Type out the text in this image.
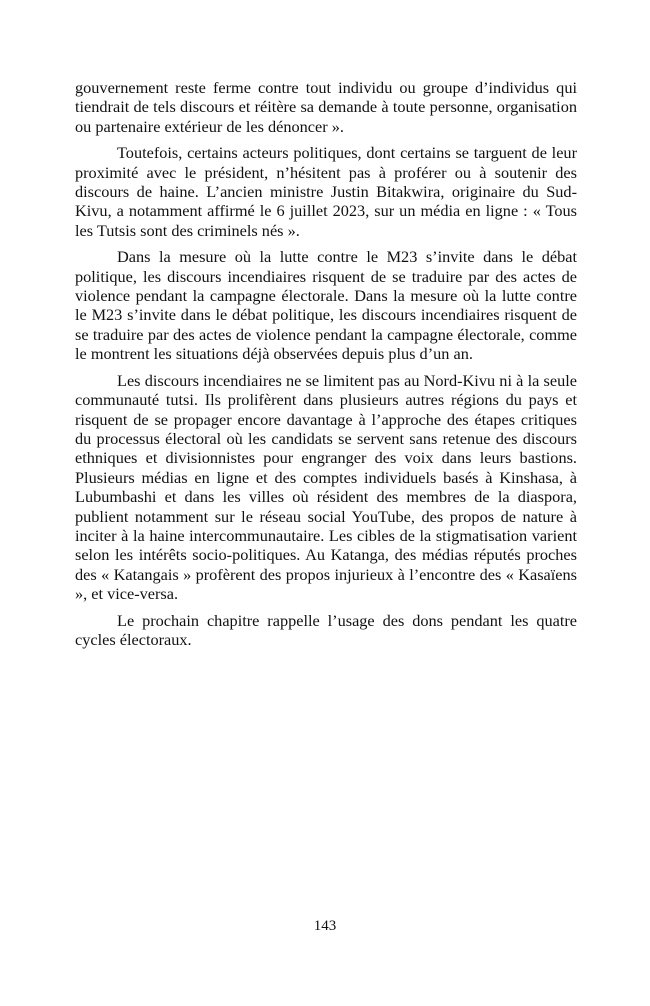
gouvernement reste ferme contre tout individu ou groupe d’individus qui tiendrait de tels discours et réitère sa demande à toute personne, organisation ou partenaire extérieur de les dénoncer ».

Toutefois, certains acteurs politiques, dont certains se targuent de leur proximité avec le président, n’hésitent pas à proférer ou à soutenir des discours de haine. L’ancien ministre Justin Bitakwira, originaire du Sud-Kivu, a notamment affirmé le 6 juillet 2023, sur un média en ligne : « Tous les Tutsis sont des criminels nés ».

Dans la mesure où la lutte contre le M23 s’invite dans le débat politique, les discours incendiaires risquent de se traduire par des actes de violence pendant la campagne électorale. Dans la mesure où la lutte contre le M23 s’invite dans le débat politique, les discours incendiaires risquent de se traduire par des actes de violence pendant la campagne électorale, comme le montrent les situations déjà observées depuis plus d’un an.

Les discours incendiaires ne se limitent pas au Nord-Kivu ni à la seule communauté tutsi. Ils prolifèrent dans plusieurs autres régions du pays et risquent de se propager encore davantage à l’approche des étapes critiques du processus électoral où les candidats se servent sans retenue des discours ethniques et divisionnistes pour engranger des voix dans leurs bastions. Plusieurs médias en ligne et des comptes individuels basés à Kinshasa, à Lubumbashi et dans les villes où résident des membres de la diaspora, publient notamment sur le réseau social YouTube, des propos de nature à inciter à la haine intercommunautaire. Les cibles de la stigmatisation varient selon les intérêts socio-politiques. Au Katanga, des médias réputés proches des « Katangais » profèrent des propos injurieux à l’encontre des « Kasaïens », et vice-versa.

Le prochain chapitre rappelle l’usage des dons pendant les quatre cycles électoraux.

143
